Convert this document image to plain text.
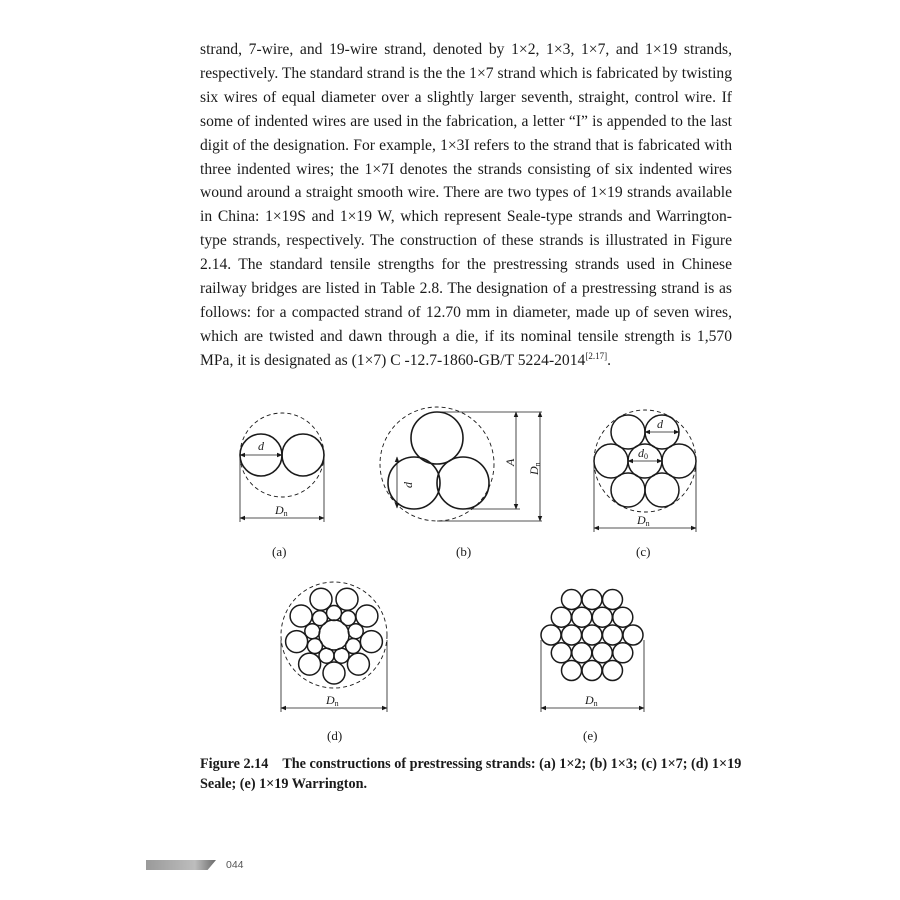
strand, 7-wire, and 19-wire strand, denoted by 1×2, 1×3, 1×7, and 1×19 strands, respectively. The standard strand is the the 1×7 strand which is fabricated by twisting six wires of equal diameter over a slightly larger seventh, straight, control wire. If some of indented wires are used in the fabrication, a letter “I” is appended to the last digit of the designation. For example, 1×3I refers to the strand that is fabricated with three indented wires; the 1×7I denotes the strands consisting of six indented wires wound around a straight smooth wire. There are two types of 1×19 strands available in China: 1×19S and 1×19 W, which represent Seale-type strands and Warrington-type strands, respectively. The construction of these strands is illustrated in Figure 2.14. The standard tensile strengths for the prestressing strands used in Chinese railway bridges are listed in Table 2.8. The designation of a prestressing strand is as follows: for a compacted strand of 12.70 mm in diameter, made up of seven wires, which are twisted and dawn through a die, if its nominal tensile strength is 1,570 MPa, it is designated as (1×7) C -12.7-1860-GB/T 5224-2014[2.17].

d
Dn
(a)
d
A
Dn
(b)
d
d0
Dn
(c)
Dn
(d)
Dn
(e)

Figure 2.14 The constructions of prestressing strands: (a) 1×2; (b) 1×3; (c) 1×7; (d) 1×19 Seale; (e) 1×19 Warrington.

044
